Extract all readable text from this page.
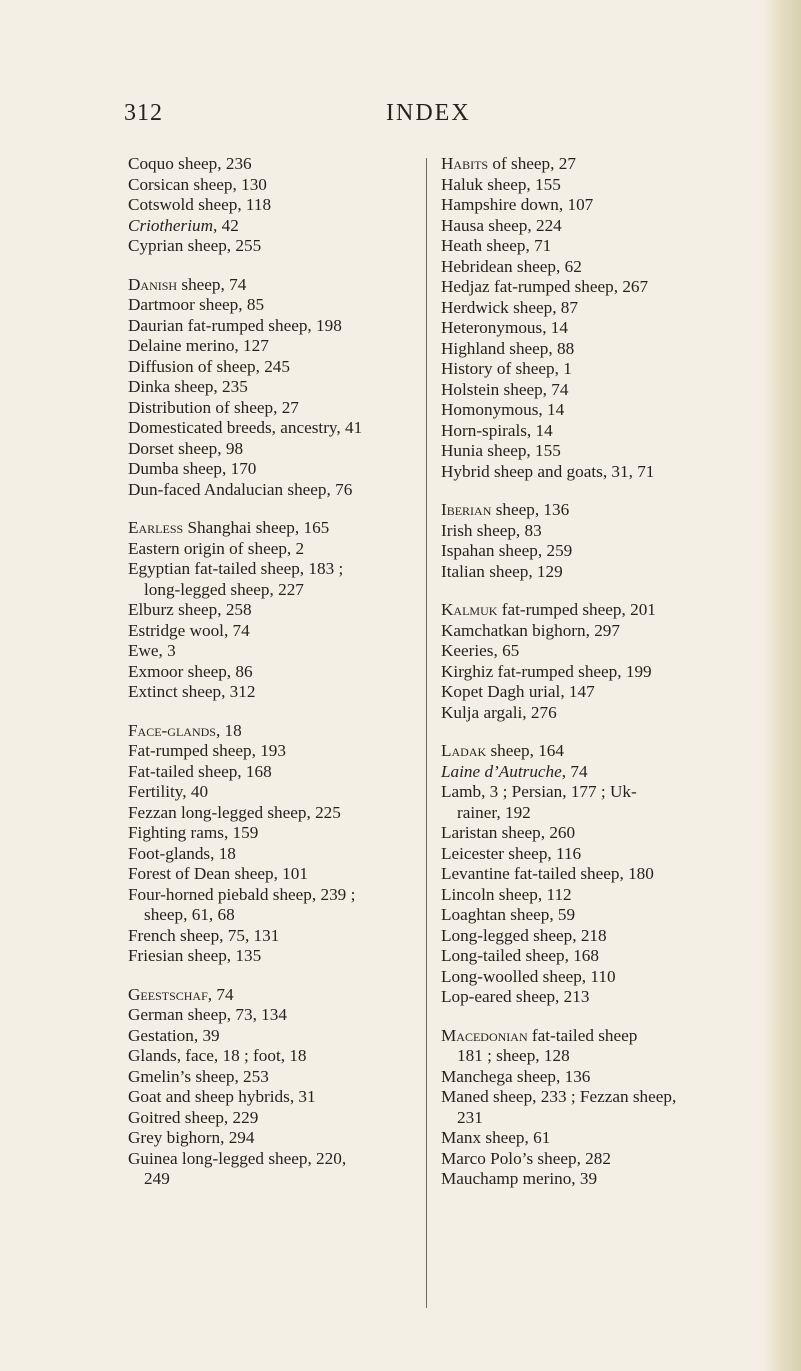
312	INDEX
Coquo sheep, 236
Corsican sheep, 130
Cotswold sheep, 118
Criotherium, 42
Cyprian sheep, 255
Danish sheep, 74
Dartmoor sheep, 85
Daurian fat-rumped sheep, 198
Delaine merino, 127
Diffusion of sheep, 245
Dinka sheep, 235
Distribution of sheep, 27
Domesticated breeds, ancestry, 41
Dorset sheep, 98
Dumba sheep, 170
Dun-faced Andalucian sheep, 76
Earless Shanghai sheep, 165
Eastern origin of sheep, 2
Egyptian fat-tailed sheep, 183 ;
long-legged sheep, 227
Elburz sheep, 258
Estridge wool, 74
Ewe, 3
Exmoor sheep, 86
Extinct sheep, 312
Face-glands, 18
Fat-rumped sheep, 193
Fat-tailed sheep, 168
Fertility, 40
Fezzan long-legged sheep, 225
Fighting rams, 159
Foot-glands, 18
Forest of Dean sheep, 101
Four-horned piebald sheep, 239 ;
sheep, 61, 68
French sheep, 75, 131
Friesian sheep, 135
Geestschaf, 74
German sheep, 73, 134
Gestation, 39
Glands, face, 18 ; foot, 18
Gmelin’s sheep, 253
Goat and sheep hybrids, 31
Goitred sheep, 229
Grey bighorn, 294
Guinea long-legged sheep, 220,
249
Habits of sheep, 27
Haluk sheep, 155
Hampshire down, 107
Hausa sheep, 224
Heath sheep, 71
Hebridean sheep, 62
Hedjaz fat-rumped sheep, 267
Herdwick sheep, 87
Heteronymous, 14
Highland sheep, 88
History of sheep, 1
Holstein sheep, 74
Homonymous, 14
Horn-spirals, 14
Hunia sheep, 155
Hybrid sheep and goats, 31, 71
Iberian sheep, 136
Irish sheep, 83
Ispahan sheep, 259
Italian sheep, 129
Kalmuk fat-rumped sheep, 201
Kamchatkan bighorn, 297
Keeries, 65
Kirghiz fat-rumped sheep, 199
Kopet Dagh urial, 147
Kulja argali, 276
Ladak sheep, 164
Laine d’Autruche, 74
Lamb, 3 ; Persian, 177 ; Uk-
rainer, 192
Laristan sheep, 260
Leicester sheep, 116
Levantine fat-tailed sheep, 180
Lincoln sheep, 112
Loaghtan sheep, 59
Long-legged sheep, 218
Long-tailed sheep, 168
Long-woolled sheep, 110
Lop-eared sheep, 213
Macedonian fat-tailed sheep
181 ; sheep, 128
Manchega sheep, 136
Maned sheep, 233 ; Fezzan sheep,
231
Manx sheep, 61
Marco Polo’s sheep, 282
Mauchamp merino, 39
